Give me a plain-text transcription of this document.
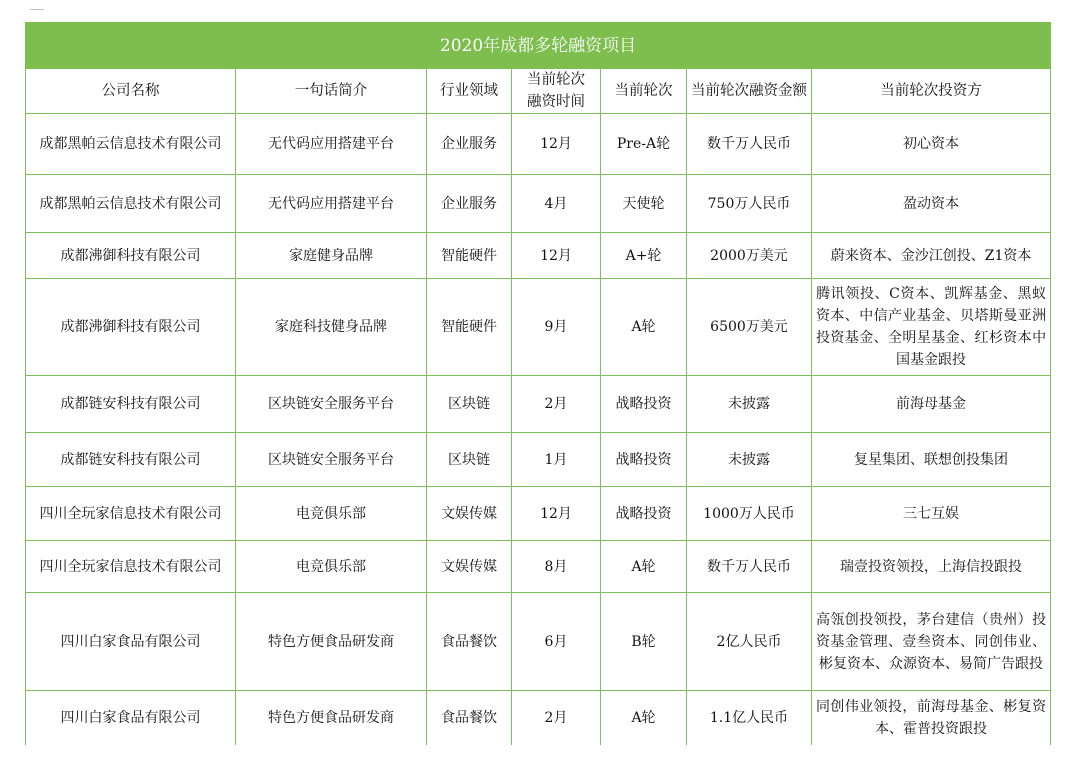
2020年成都多轮融资项目						
公司名称	一句话简介	行业领域	当前轮次融资时间	当前轮次	当前轮次融资金额	当前轮次投资方
成都黑帕云信息技术有限公司	无代码应用搭建平台	企业服务	12月	Pre-A轮	数千万人民币	初心资本
成都黑帕云信息技术有限公司	无代码应用搭建平台	企业服务	4月	天使轮	750万人民币	盈动资本
成都沸御科技有限公司	家庭健身品牌	智能硬件	12月	A+轮	2000万美元	蔚来资本、金沙江创投、Z1资本
成都沸御科技有限公司	家庭科技健身品牌	智能硬件	9月	A轮	6500万美元	腾讯领投、C资本、凯辉基金、黑蚁资本、中信产业基金、贝塔斯曼亚洲投资基金、全明星基金、红杉资本中国基金跟投
成都链安科技有限公司	区块链安全服务平台	区块链	2月	战略投资	未披露	前海母基金
成都链安科技有限公司	区块链安全服务平台	区块链	1月	战略投资	未披露	复星集团、联想创投集团
四川全玩家信息技术有限公司	电竞俱乐部	文娱传媒	12月	战略投资	1000万人民币	三七互娱
四川全玩家信息技术有限公司	电竞俱乐部	文娱传媒	8月	A轮	数千万人民币	瑞壹投资领投，上海信投跟投
四川白家食品有限公司	特色方便食品研发商	食品餐饮	6月	B轮	2亿人民币	高瓴创投领投，茅台建信（贵州）投资基金管理、壹叁资本、同创伟业、彬复资本、众源资本、易简广告跟投
四川白家食品有限公司	特色方便食品研发商	食品餐饮	2月	A轮	1.1亿人民币	同创伟业领投，前海母基金、彬复资本、霍普投资跟投
